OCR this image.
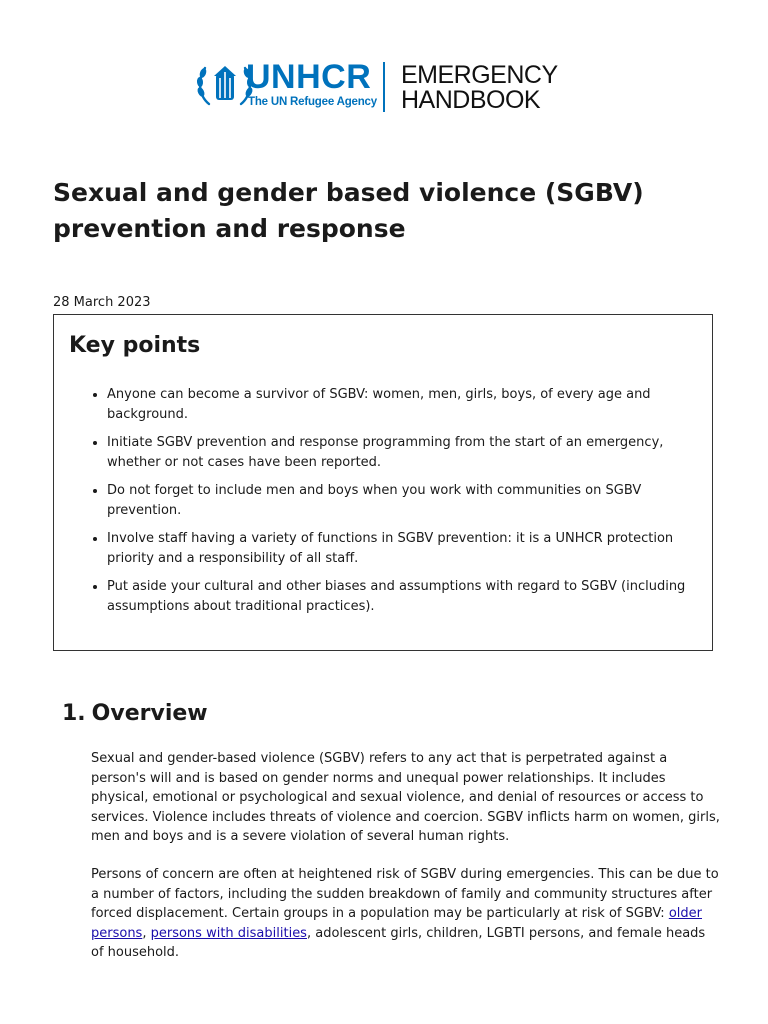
UNHCR
The UN Refugee Agency
EMERGENCY
HANDBOOK
Sexual and gender based violence (SGBV) prevention and response
28 March 2023
Key points
• Anyone can become a survivor of SGBV: women, men, girls, boys, of every age and background.
• Initiate SGBV prevention and response programming from the start of an emergency, whether or not cases have been reported.
• Do not forget to include men and boys when you work with communities on SGBV prevention.
• Involve staff having a variety of functions in SGBV prevention: it is a UNHCR protection priority and a responsibility of all staff.
• Put aside your cultural and other biases and assumptions with regard to SGBV (including assumptions about traditional practices).
1. Overview

Sexual and gender-based violence (SGBV) refers to any act that is perpetrated against a person's will and is based on gender norms and unequal power relationships. It includes physical, emotional or psychological and sexual violence, and denial of resources or access to services. Violence includes threats of violence and coercion. SGBV inflicts harm on women, girls, men and boys and is a severe violation of several human rights.

Persons of concern are often at heightened risk of SGBV during emergencies. This can be due to a number of factors, including the sudden breakdown of family and community structures after forced displacement. Certain groups in a population may be particularly at risk of SGBV: older persons, persons with disabilities, adolescent girls, children, LGBTI persons, and female heads of household.
